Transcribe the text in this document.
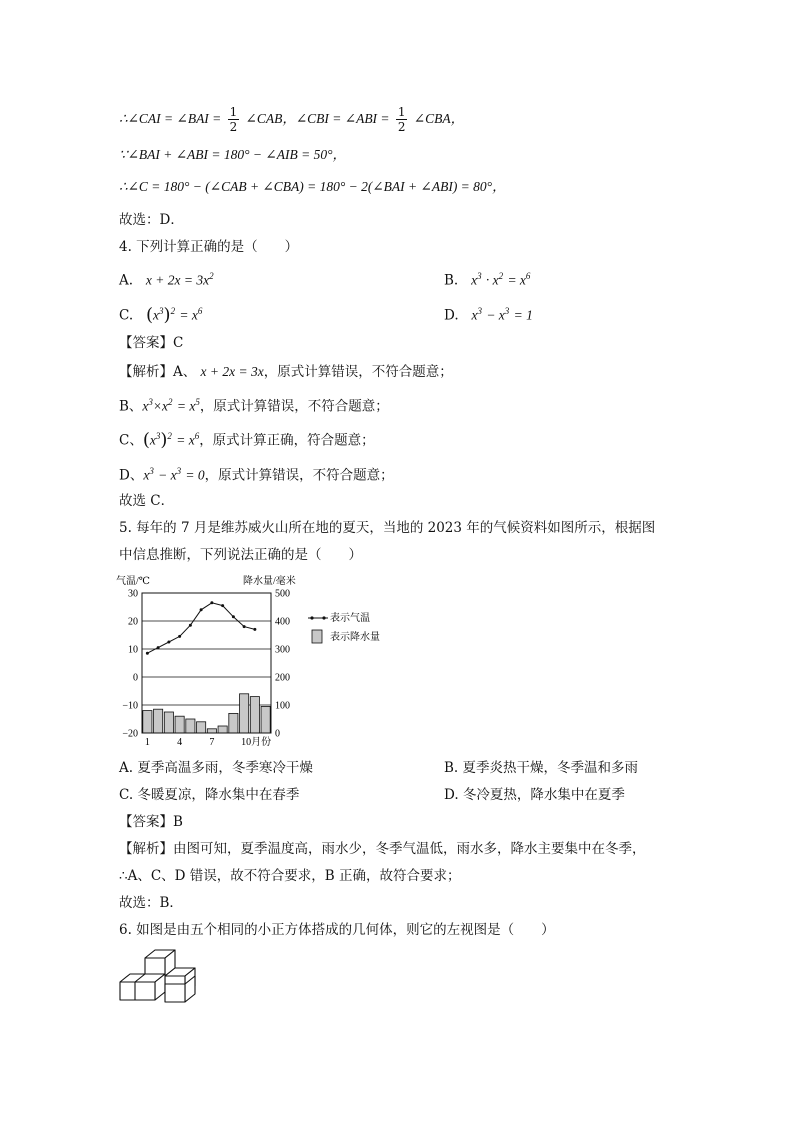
∴∠CAI = ∠BAI = $\frac{1}{2}$ ∠CAB，∠CBI = ∠ABI = $\frac{1}{2}$ ∠CBA，
∵∠BAI + ∠ABI = 180° − ∠AIB = 50°，
∴∠C = 180° − (∠CAB + ∠CBA) = 180° − 2(∠BAI + ∠ABI) = 80°，
故选：D．
4. 下列计算正确的是（　　）
A. $x + 2x = 3x^2$	B. $x^3 \cdot x^2 = x^6$
C. $(x^3)^2 = x^6$	D. $x^3 - x^3 = 1$
【答案】C
【解析】A、 x + 2x = 3x，原式计算错误，不符合题意；
B、$x^3\times x^2 = x^5$，原式计算错误，不符合题意；
C、$(x^3)^2 = x^6$，原式计算正确，符合题意；
D、$x^3 - x^3 = 0$，原式计算错误，不符合题意；
故选 C．
5. 每年的 7 月是维苏威火山所在地的夏天，当地的 2023 年的气候资料如图所示，根据图
中信息推断，下列说法正确的是（　　）
气温/℃	降水量/毫米
30	500
20	400
10	300
0	200
−10	100
−20	0
1	4	7	10月份
表示气温
表示降水量
A. 夏季高温多雨，冬季寒冷干燥	B. 夏季炎热干燥，冬季温和多雨
C. 冬暖夏凉，降水集中在春季	D. 冬冷夏热，降水集中在夏季
【答案】B
【解析】由图可知，夏季温度高，雨水少，冬季气温低，雨水多，降水主要集中在冬季，
∴A、C、D 错误，故不符合要求，B 正确，故符合要求；
故选：B．
6. 如图是由五个相同的小正方体搭成的几何体，则它的左视图是（　　）
